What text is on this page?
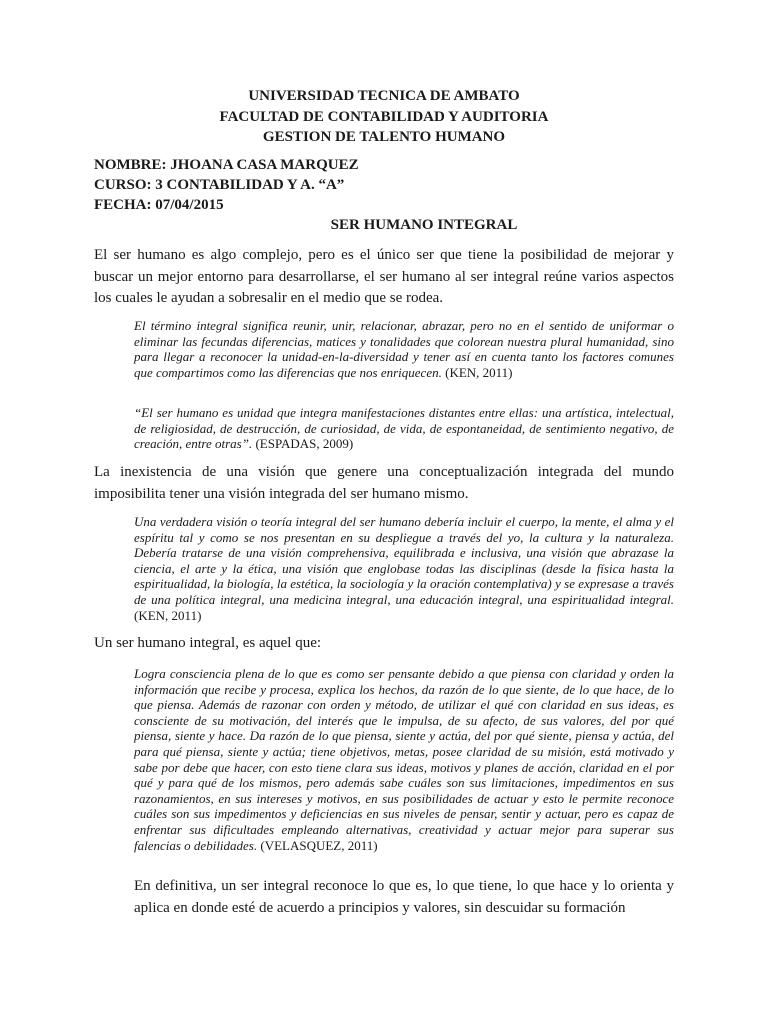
UNIVERSIDAD TECNICA DE AMBATO
FACULTAD DE CONTABILIDAD Y AUDITORIA
GESTION DE TALENTO HUMANO
NOMBRE: JHOANA CASA MARQUEZ
CURSO: 3 CONTABILIDAD Y A. “A”
FECHA: 07/04/2015
SER HUMANO INTEGRAL

El ser humano es algo complejo, pero es el único ser que tiene la posibilidad de mejorar y buscar un mejor entorno para desarrollarse, el ser humano al ser integral reúne varios aspectos los cuales le ayudan a sobresalir en el medio que se rodea.

El término integral significa reunir, unir, relacionar, abrazar, pero no en el sentido de uniformar o eliminar las fecundas diferencias, matices y tonalidades que colorean nuestra plural humanidad, sino para llegar a reconocer la unidad-en-la-diversidad y tener así en cuenta tanto los factores comunes que compartimos como las diferencias que nos enriquecen. (KEN, 2011)

“El ser humano es unidad que integra manifestaciones distantes entre ellas: una artística, intelectual, de religiosidad, de destrucción, de curiosidad, de vida, de espontaneidad, de sentimiento negativo, de creación, entre otras”. (ESPADAS, 2009)

La inexistencia de una visión que genere una conceptualización integrada del mundo imposibilita tener una visión integrada del ser humano mismo.

Una verdadera visión o teoría integral del ser humano debería incluir el cuerpo, la mente, el alma y el espíritu tal y como se nos presentan en su despliegue a través del yo, la cultura y la naturaleza. Debería tratarse de una visión comprehensiva, equilibrada e inclusiva, una visión que abrazase la ciencia, el arte y la ética, una visión que englobase todas las disciplinas (desde la física hasta la espiritualidad, la biología, la estética, la sociología y la oración contemplativa) y se expresase a través de una política integral, una medicina integral, una educación integral, una espiritualidad integral. (KEN, 2011)

Un ser humano integral, es aquel que:

Logra consciencia plena de lo que es como ser pensante debido a que piensa con claridad y orden la información que recibe y procesa, explica los hechos, da razón de lo que siente, de lo que hace, de lo que piensa. Además de razonar con orden y método, de utilizar el qué con claridad en sus ideas, es consciente de su motivación, del interés que le impulsa, de su afecto, de sus valores, del por qué piensa, siente y hace. Da razón de lo que piensa, siente y actúa, del por qué siente, piensa y actúa, del para qué piensa, siente y actúa; tiene objetivos, metas, posee claridad de su misión, está motivado y sabe por debe que hacer, con esto tiene clara sus ideas, motivos y planes de acción, claridad en el por qué y para qué de los mismos, pero además sabe cuáles son sus limitaciones, impedimentos en sus razonamientos, en sus intereses y motivos, en sus posibilidades de actuar y esto le permite reconoce cuáles son sus impedimentos y deficiencias en sus niveles de pensar, sentir y actuar, pero es capaz de enfrentar sus dificultades empleando alternativas, creatividad y actuar mejor para superar sus falencias o debilidades. (VELASQUEZ, 2011)

En definitiva, un ser integral reconoce lo que es, lo que tiene, lo que hace y lo orienta y aplica en donde esté de acuerdo a principios y valores, sin descuidar su formación
